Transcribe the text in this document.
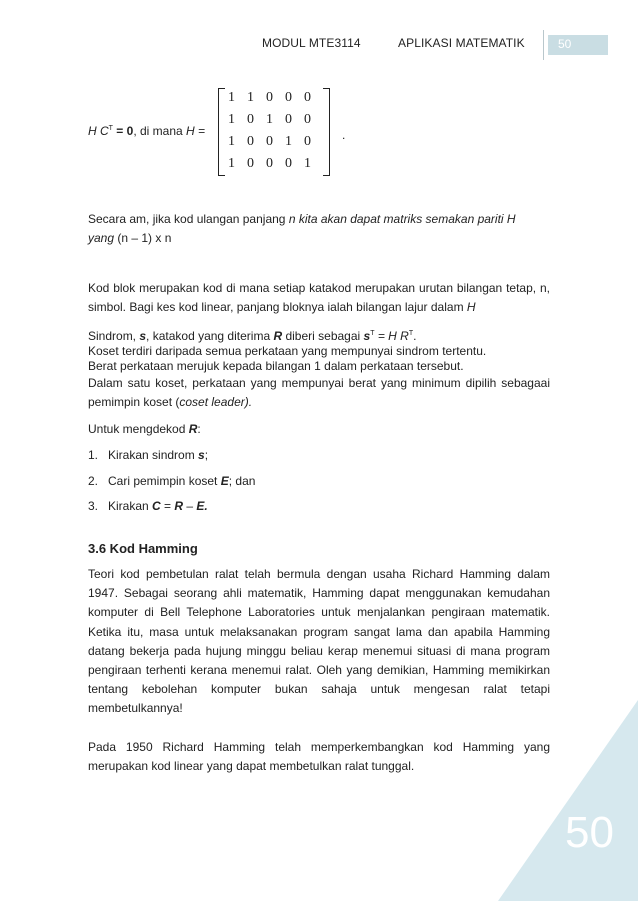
MODUL MTE3114	APLIKASI MATEMATIK	50
H $C^T = 0$, di mana H =
1 1 0 0 0
1 0 1 0 0
1 0 0 1 0
1 0 0 0 1
.
Secara am, jika kod ulangan panjang n kita akan dapat matriks semakan pariti H
yang (n – 1) x n
Kod blok merupakan kod di mana setiap katakod merupakan urutan bilangan tetap, n, simbol. Bagi kes kod linear, panjang bloknya ialah bilangan lajur dalam H
Sindrom, s, katakod yang diterima R diberi sebagai $s^T = H$ $R^T$.
Koset terdiri daripada semua perkataan yang mempunyai sindrom tertentu.
Berat perkataan merujuk kepada bilangan 1 dalam perkataan tersebut.
Dalam satu koset, perkataan yang mempunyai berat yang minimum dipilih sebagaai pemimpin koset (coset leader).
Untuk mengdekod R:
1. Kirakan sindrom s;
2. Cari pemimpin koset E; dan
3. Kirakan C = R – E.
3.6 Kod Hamming
Teori kod pembetulan ralat telah bermula dengan usaha Richard Hamming dalam 1947. Sebagai seorang ahli matematik, Hamming dapat menggunakan kemudahan komputer di Bell Telephone Laboratories untuk menjalankan pengiraan matematik. Ketika itu, masa untuk melaksanakan program sangat lama dan apabila Hamming datang bekerja pada hujung minggu beliau kerap menemui situasi di mana program pengiraan terhenti kerana menemui ralat. Oleh yang demikian, Hamming memikirkan tentang kebolehan komputer bukan sahaja untuk mengesan ralat tetapi membetulkannya!
Pada 1950 Richard Hamming telah memperkembangkan kod Hamming yang merupakan kod linear yang dapat membetulkan ralat tunggal.
50
